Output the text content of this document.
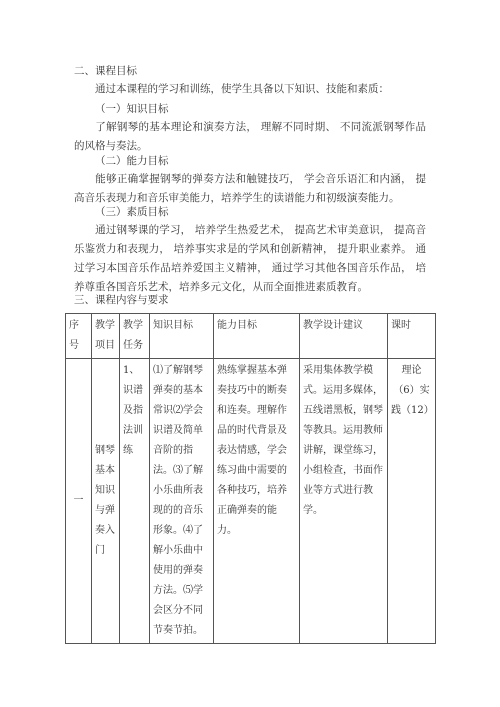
二、课程目标
通过本课程的学习和训练，使学生具备以下知识、技能和素质：
（一）知识目标
了解钢琴的基本理论和演奏方法， 理解不同时期、 不同流派钢琴作品的风格与奏法。
（二）能力目标
能够正确掌握钢琴的弹奏方法和触键技巧， 学会音乐语汇和内涵， 提高音乐表现力和音乐审美能力，培养学生的读谱能力和初级演奏能力。
（三）素质目标
通过钢琴课的学习， 培养学生热爱艺术， 提高艺术审美意识， 提高音乐鉴赏力和表现力， 培养事实求是的学风和创新精神， 提升职业素养。 通过学习本国音乐作品培养爱国主义精神， 通过学习其他各国音乐作品， 培养尊重各国音乐艺术，培养多元文化，从而全面推进素质教育。
三、课程内容与要求
序号	教学项目	教学任务	知识目标	能力目标	教学设计建议	课时
一	钢琴基本知识与弹奏入门	1、识谱及指法训练	⑴了解钢琴弹奏的基本常识⑵学会识谱及简单音阶的指法。⑶了解小乐曲所表现的的音乐形象。⑷了解小乐曲中使用的弹奏方法。⑸学会区分不同节奏节拍。	熟练掌握基本弹奏技巧中的断奏和连奏。理解作品的时代背景及表达情感，学会练习曲中需要的各种技巧，培养正确弹奏的能力。	采用集体教学模式。运用多媒体，五线谱黑板，钢琴等教具。运用教师讲解，课堂练习，小组检查，书面作业等方式进行教学。	理论（6）实践（12）
